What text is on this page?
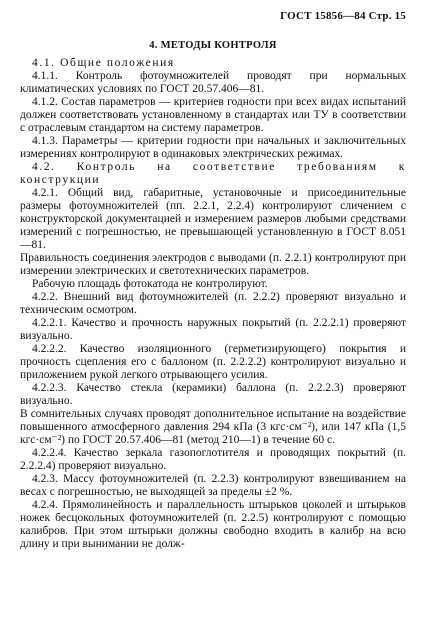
ГОСТ 15856—84 Стр. 15
4. МЕТОДЫ КОНТРОЛЯ

4.1. Общие положения

4.1.1. Контроль фотоумножителей проводят при нормальных климатических условиях по ГОСТ 20.57.406—81.

4.1.2. Состав параметров — критериев годности при всех видах испытаний должен соответствовать установленному в стандартах или ТУ в соответствии с отраслевым стандартом на систему параметров.

4.1.3. Параметры — критерии годности при начальных и заключительных измерениях контролируют в одинаковых электрических режимах.

4.2. Контроль на соответствие требованиям к конструкции

4.2.1. Общий вид, габаритные, установочные и присоединительные размеры фотоумножителей (пп. 2.2.1, 2.2.4) контролируют сличением с конструкторской документацией и измерением размеров любыми средствами измерений с погрешностью, не превышающей установленную в ГОСТ 8.051—81.

Правильность соединения электродов с выводами (п. 2.2.1) контролируют при измерении электрических и светотехнических параметров.

Рабочую площадь фотокатода не контролируют.

4.2.2. Внешний вид фотоумножителей (п. 2.2.2) проверяют визуально и техническим осмотром.

4.2.2.1. Качество и прочность наружных покрытий (п. 2.2.2.1) проверяют визуально.

4.2.2.2. Качество изоляционного (герметизирующего) покрытия и прочность сцепления его с баллоном (п. 2.2.2.2) контролируют визуально и приложением рукой легкого отрывающего усилия.

4.2.2.3. Качество стекла (керамики) баллона (п. 2.2.2.3) проверяют визуально.

В сомнительных случаях проводят дополнительное испытание на воздействие повышенного атмосферного давления 294 кПа (3 кгс·см⁻²), или 147 кПа (1,5 кгс·см⁻²) по ГОСТ 20.57.406—81 (метод 210—1) в течение 60 с.

4.2.2.4. Качество зеркала газопоглотителя и проводящих покрытий (п. 2.2.2.4) проверяют визуально.

4.2.3. Массу фотоумножителей (п. 2.2.3) контролируют взвешиванием на весах с погрешностью, не выходящей за пределы ±2 %.

4.2.4. Прямолинейность и параллельность штырьков цоколей и штырьков ножек бесцокольных фотоумножителей (п. 2.2.5) контролируют с помощью калибров. При этом штырьки должны свободно входить в калибр на всю длину и при вынимании не долж-
